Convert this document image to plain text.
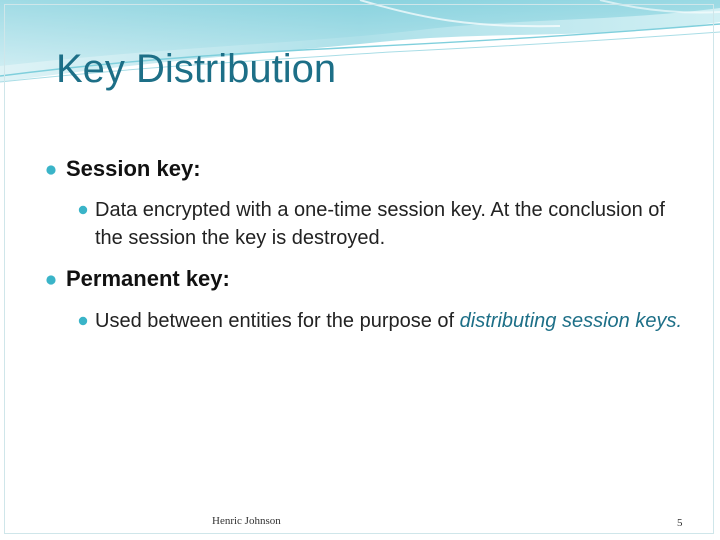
Key Distribution
Session key:
Data encrypted with a one-time session key. At the conclusion of the session the key is destroyed.
Permanent key:
Used between entities for the purpose of distributing session keys.
Henric Johnson	5
